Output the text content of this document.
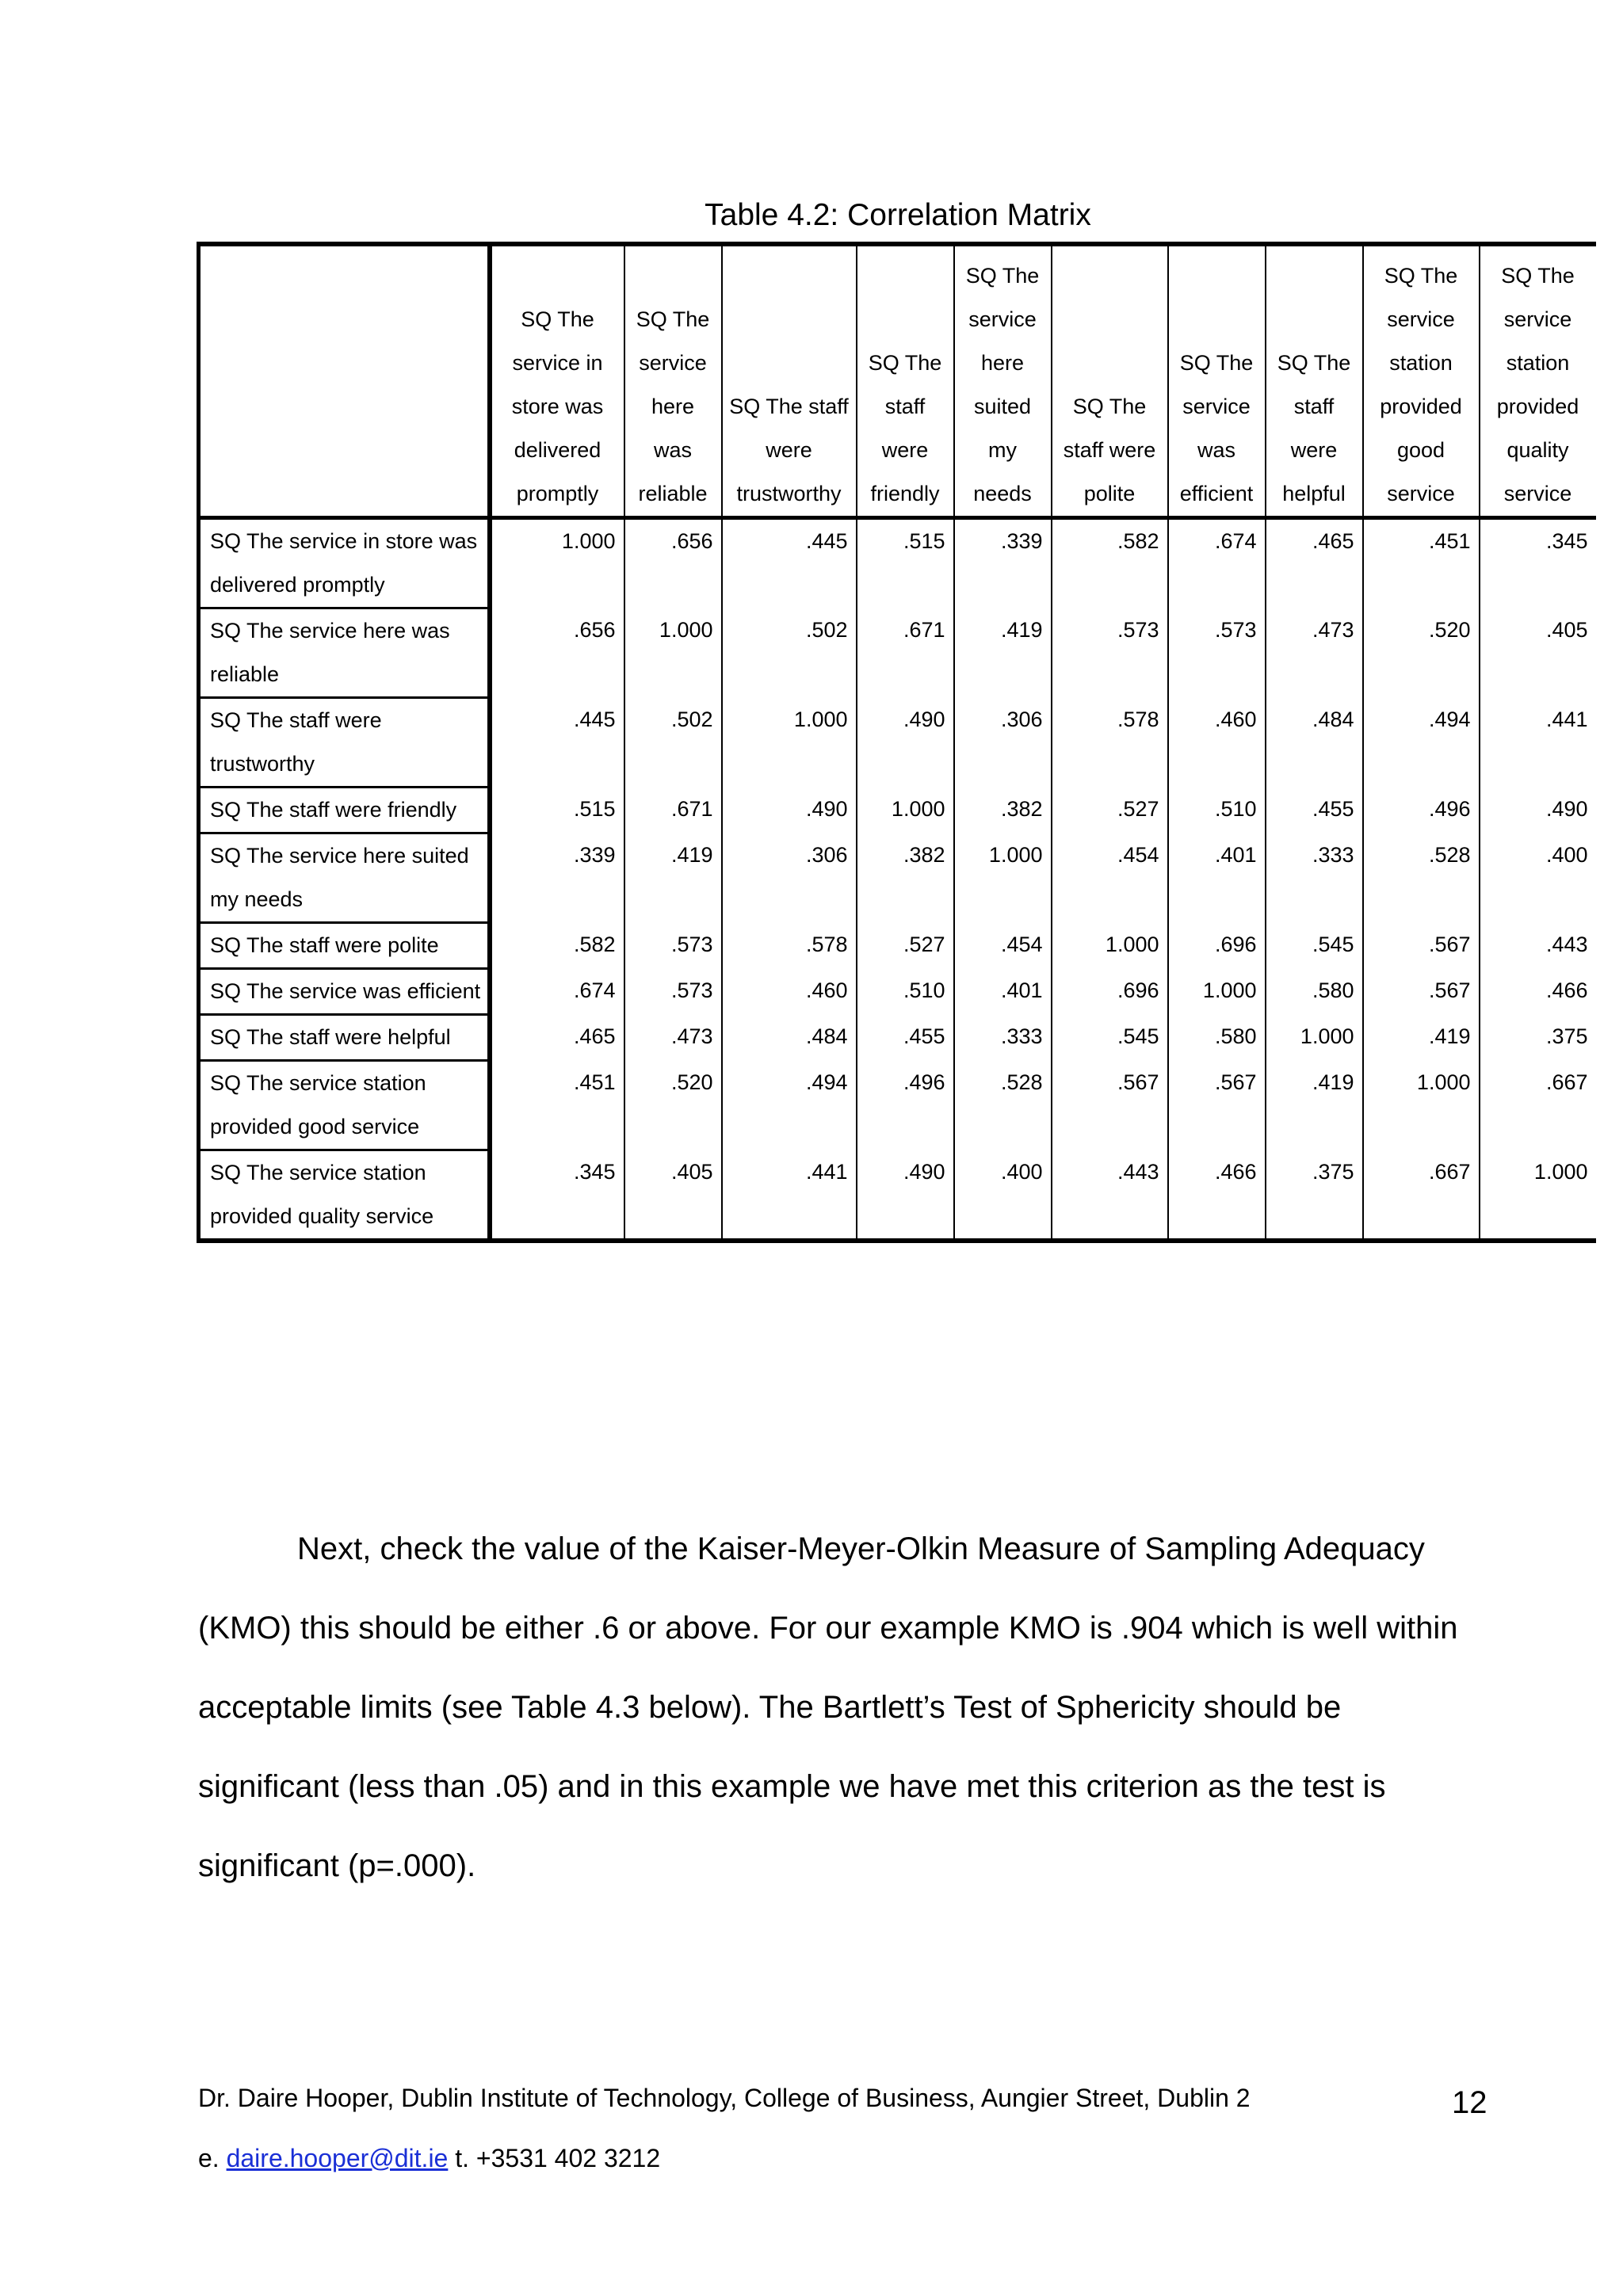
Table 4.2: Correlation Matrix

	SQ The service in store was delivered promptly	SQ The service here was reliable	SQ The staff were trustworthy	SQ The staff were friendly	SQ The service here suited my needs	SQ The staff were polite	SQ The service was efficient	SQ The staff were helpful	SQ The service station provided good service	SQ The service station provided quality service

SQ The service in store was delivered promptly	1.000	.656	.445	.515	.339	.582	.674	.465	.451	.345
SQ The service here was reliable	.656	1.000	.502	.671	.419	.573	.573	.473	.520	.405
SQ The staff were trustworthy	.445	.502	1.000	.490	.306	.578	.460	.484	.494	.441
SQ The staff were friendly	.515	.671	.490	1.000	.382	.527	.510	.455	.496	.490
SQ The service here suited my needs	.339	.419	.306	.382	1.000	.454	.401	.333	.528	.400
SQ The staff were polite	.582	.573	.578	.527	.454	1.000	.696	.545	.567	.443
SQ The service was efficient	.674	.573	.460	.510	.401	.696	1.000	.580	.567	.466
SQ The staff were helpful	.465	.473	.484	.455	.333	.545	.580	1.000	.419	.375
SQ The service station provided good service	.451	.520	.494	.496	.528	.567	.567	.419	1.000	.667
SQ The service station provided quality service	.345	.405	.441	.490	.400	.443	.466	.375	.667	1.000

Next, check the value of the Kaiser-Meyer-Olkin Measure of Sampling Adequacy (KMO) this should be either .6 or above. For our example KMO is .904 which is well within acceptable limits (see Table 4.3 below). The Bartlett’s Test of Sphericity should be significant (less than .05) and in this example we have met this criterion as the test is significant (p=.000).

Dr. Daire Hooper, Dublin Institute of Technology, College of Business, Aungier Street, Dublin 2	12
e. daire.hooper@dit.ie t. +3531 402 3212
